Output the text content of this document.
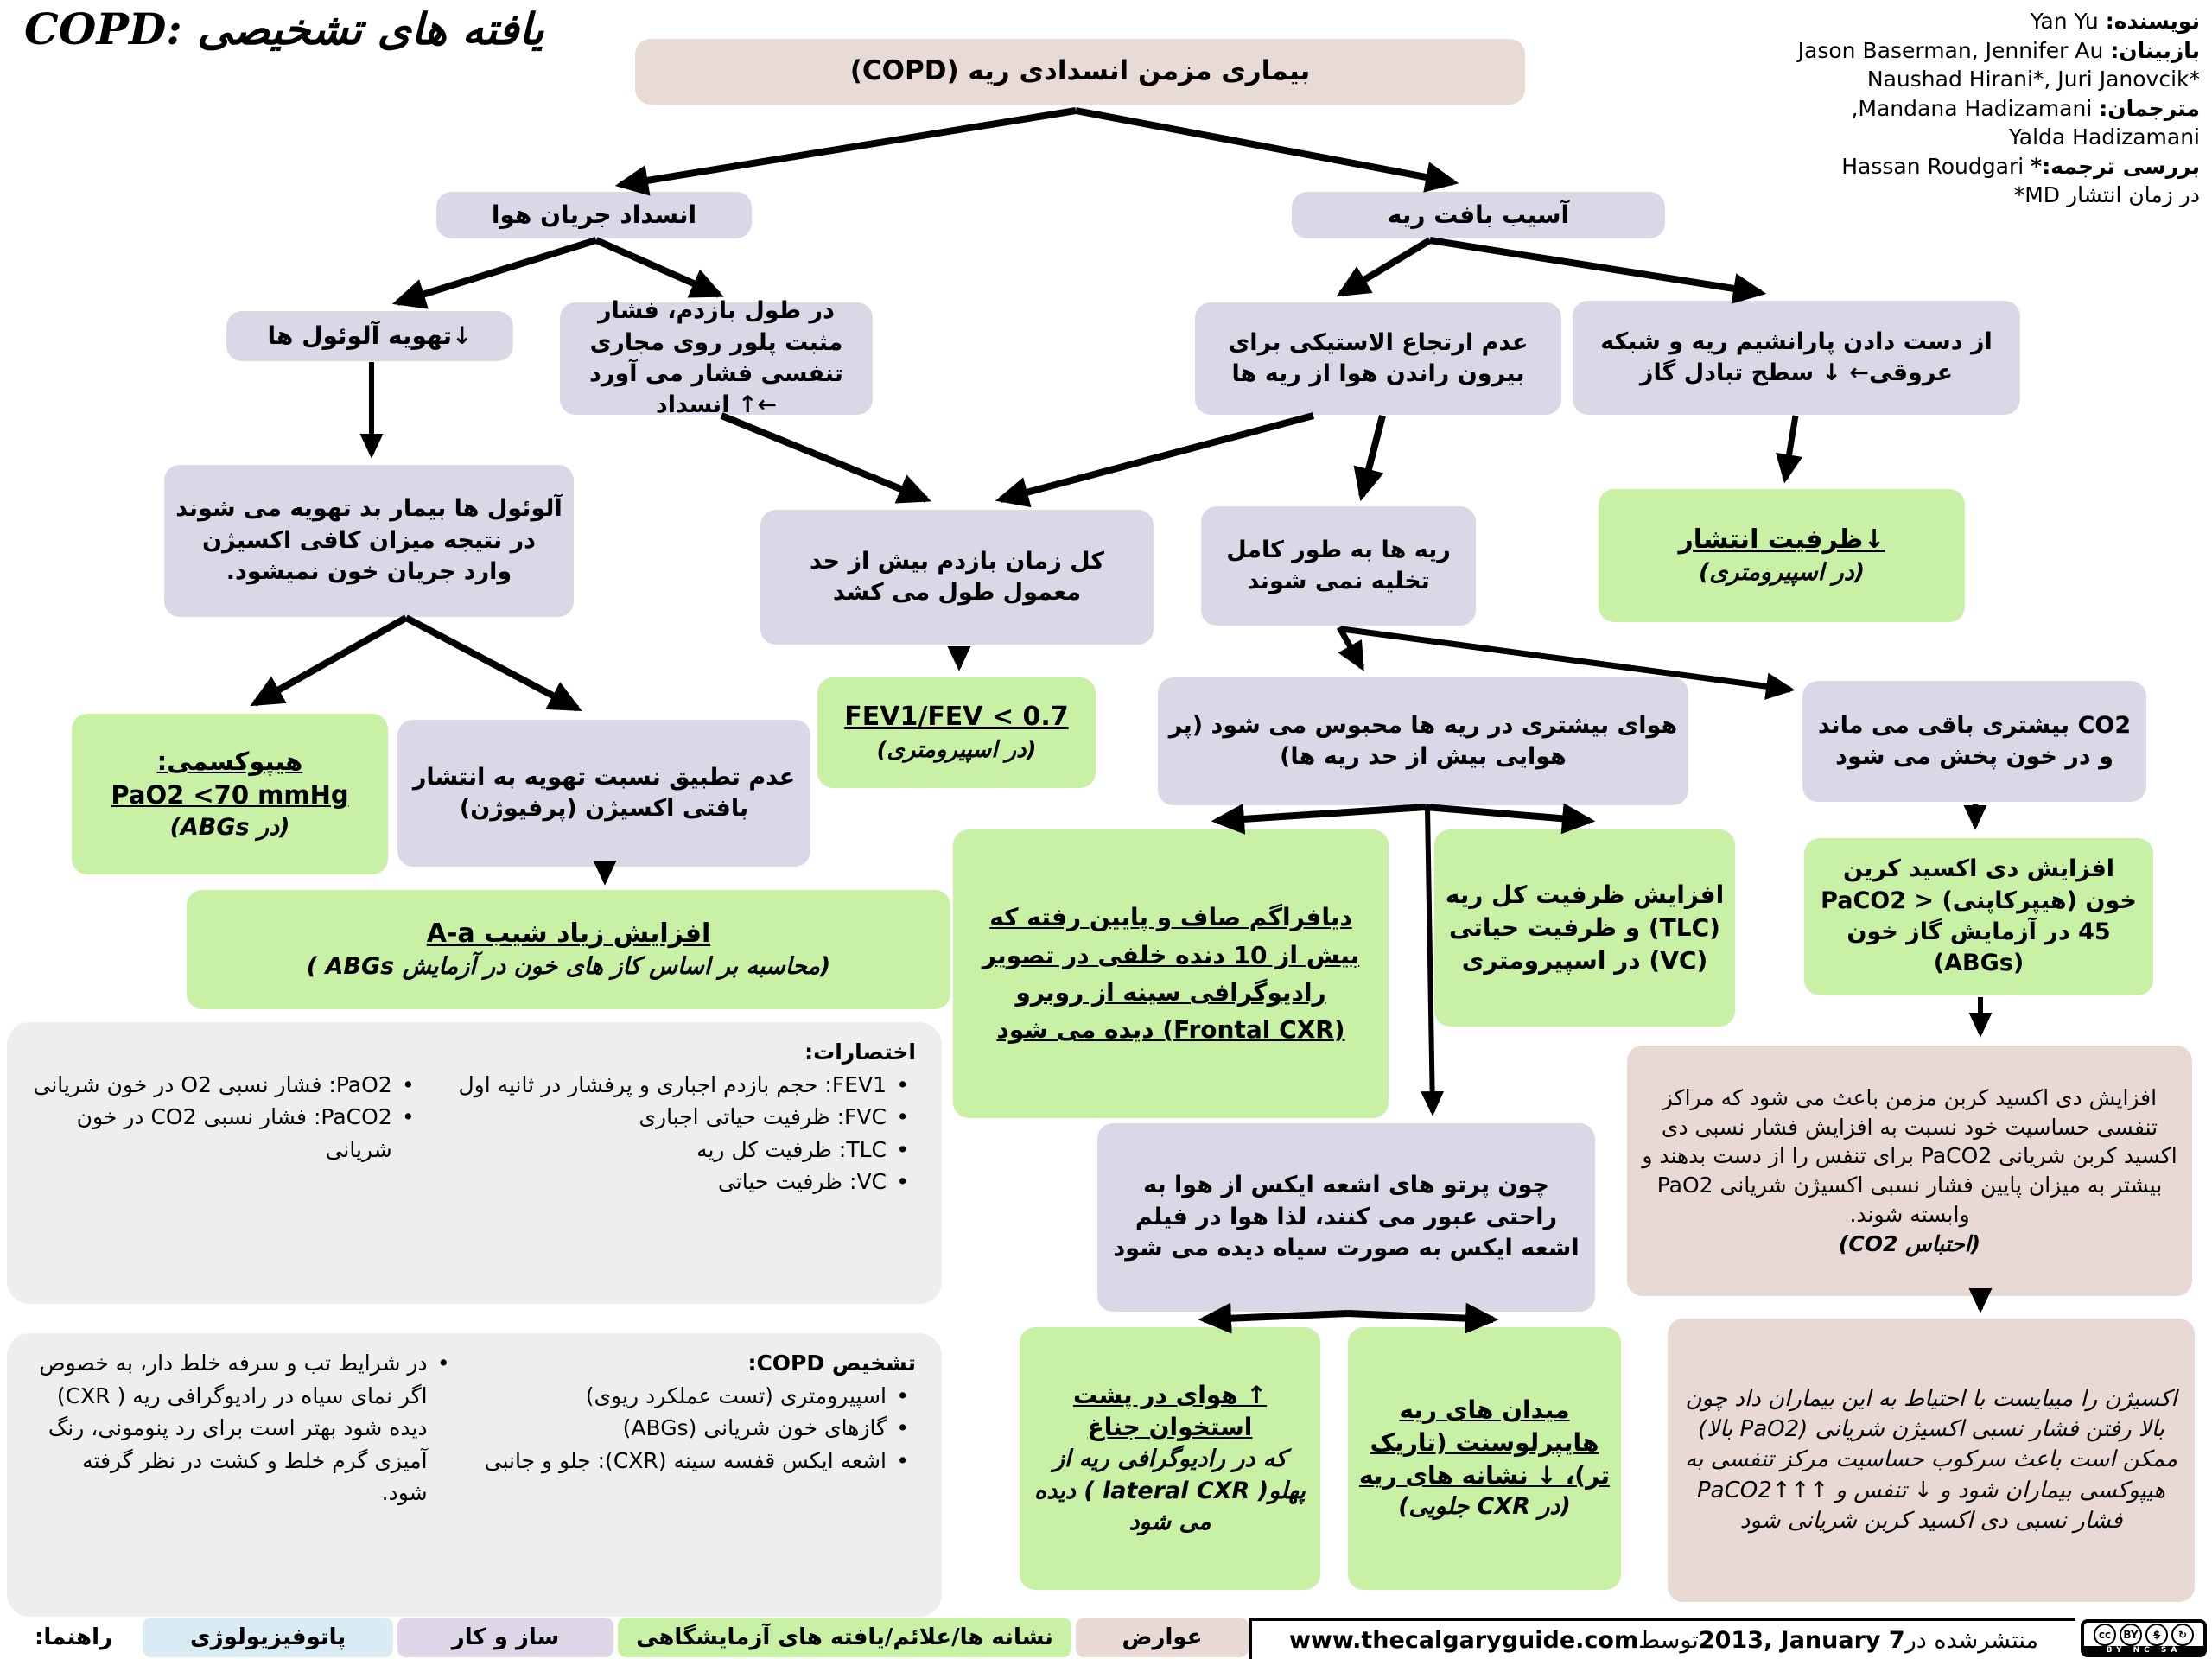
COPD: یافته های تشخیصی	نویسنده: Yan Yu
بازبینان: Jason Baserman, Jennifer Au
Naushad Hirani*, Juri Janovcik*
مترجمان: Mandana Hadizamani,
Yalda Hadizamani
بررسی ترجمه:* Hassan Roudgari
*MD در زمان انتشار
بیماری مزمن انسدادی ریه (COPD)
انسداد جریان هوا	آسیب بافت ریه
↓تهویه آلوئول ها
در طول بازدم، فشار مثبت پلور روی مجاری تنفسی فشار می آورد ←↑ انسداد
عدم ارتجاع الاستیکی برای بیرون راندن هوا از ریه ها
از دست دادن پارانشیم ریه و شبکه عروقی← ↓ سطح تبادل گاز
آلوئول ها بیمار بد تهویه می شوند در نتیجه میزان کافی اکسیژن وارد جریان خون نمیشود.	کل زمان بازدم بیش از حد معمول طول می کشد
ریه ها به طور کامل تخلیه نمی شوند
↓ظرفیت انتشار
(در اسپیرومتری)
هیپوکسمی:
PaO2 <70 mmHg
(در ABGs)
عدم تطبیق نسبت تهویه به انتشار بافتی اکسیژن (پرفیوژن)
FEV1/FEV < 0.7
(در اسپیرومتری)
هوای بیشتری در ریه ها محبوس می شود (پر هوایی بیش از حد ریه ها)
CO2 بیشتری باقی می ماند و در خون پخش می شود
افزایش زیاد شیب A-a
(محاسبه بر اساس کاز های خون در آزمایش ABGs )
دیافراگم صاف و پایین رفته که بیش از 10 دنده خلفی در تصویر رادیوگرافی سینه از روبرو (Frontal CXR) دیده می شود
افزایش ظرفیت کل ریه (TLC) و ظرفیت حیاتی (VC) در اسپیرومتری
افزایش دی اکسید کرین خون (هیپرکاپنی) PaCO2 > 45 در آزمایش گاز خون (ABGs)
چون پرتو های اشعه ایکس از هوا به راحتی عبور می کنند، لذا هوا در فیلم اشعه ایکس به صورت سیاه دیده می شود
↑ هوای در پشت استخوان جناغ
که در رادیوگرافی ریه از پهلو( lateral CXR ) دیده می شود
میدان های ریه هایپرلوسنت (تاریک تر)، ↓ نشانه های ریه
(در CXR جلویی)
افزایش دی اکسید کربن مزمن باعث می شود که مراکز تنفسی حساسیت خود نسبت به افزایش فشار نسبی دی اکسید کربن شریانی PaCO2 برای تنفس را از دست بدهند و بیشتر به میزان پایین فشار نسبی اکسیژن شریانی PaO2 وابسته شوند.
(احتباس CO2)
اکسیژن را میبایست با احتیاط به این بیماران داد چون بالا رفتن فشار نسبی اکسیژن شریانی (PaO2 بالا) ممکن است باعث سرکوب حساسیت مرکز تنفسی به هیپوکسی بیماران شود و ↓ تنفس و ↑↑↑PaCO2 فشار نسبی دی اکسید کربن شریانی شود
اختصارات:
• FEV1: حجم بازدم اجباری و پرفشار در ثانیه اول
• FVC: ظرفیت حیاتی اجباری
• TLC: ظرفیت کل ریه
• VC: ظرفیت حیاتی
• PaO2: فشار نسبی O2 در خون شریانی
• PaCO2: فشار نسبی CO2 در خون شریانی
تشخیص COPD:
• اسپیرومتری (تست عملکرد ریوی)
• گازهای خون شریانی (ABGs)
• اشعه ایکس قفسه سینه (CXR): جلو و جانبی
• در شرایط تب و سرفه خلط دار، به خصوص اگر نمای سیاه در رادیوگرافی ریه ( CXR) دیده شود بهتر است برای رد پنومونی، رنگ آمیزی گرم خلط و کشت در نظر گرفته شود.
راهنما:	پاتوفیزیولوژی	ساز و کار	نشانه ها/علائم/یافته های آزمایشگاهی	عوارض	منتشرشده در
2013, January 7
توسط
www.thecalgaryguide.com	cc	BY	$	↻
BY NC SA
